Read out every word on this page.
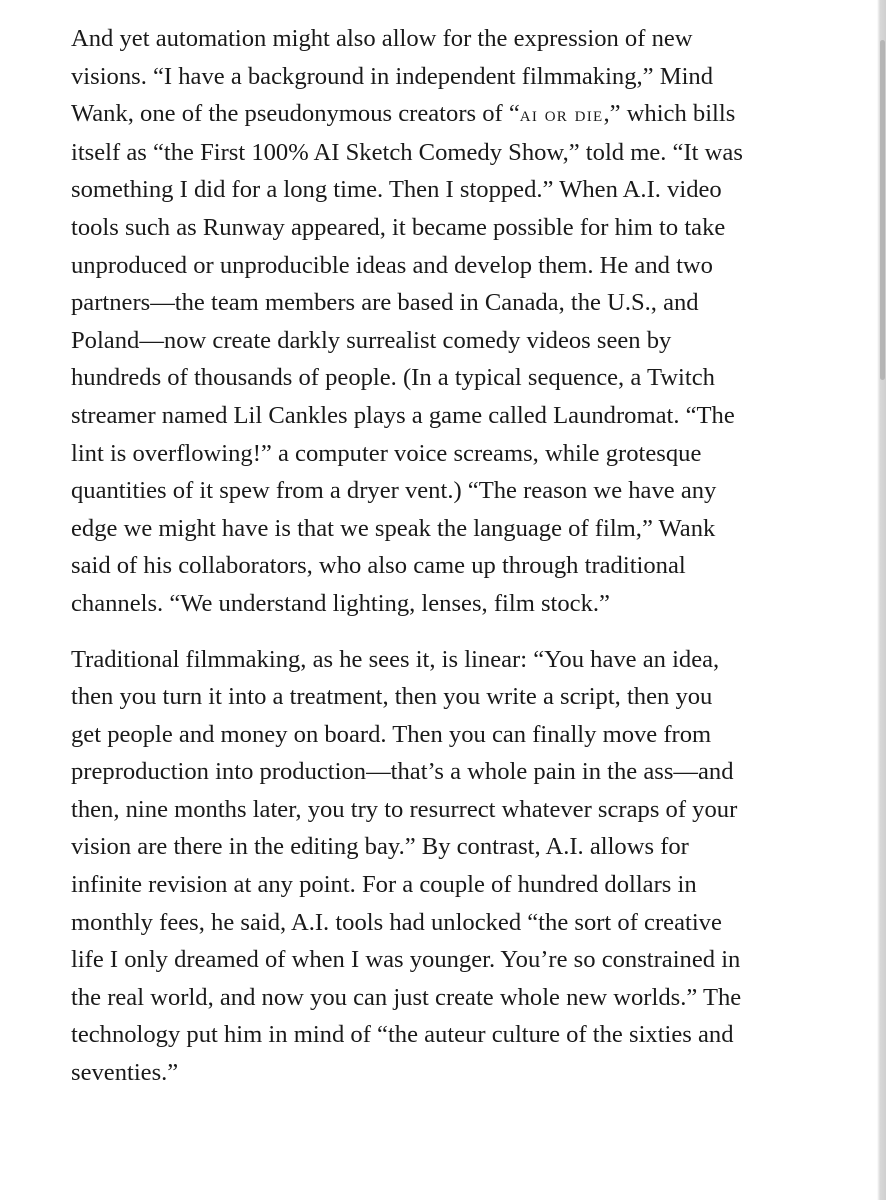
And yet automation might also allow for the expression of new
visions. “I have a background in independent filmmaking,” Mind
Wank, one of the pseudonymous creators of “ai or die,” which bills
itself as “the First 100% AI Sketch Comedy Show,” told me. “It was
something I did for a long time. Then I stopped.” When A.I. video
tools such as Runway appeared, it became possible for him to take
unproduced or unproducible ideas and develop them. He and two
partners—the team members are based in Canada, the U.S., and
Poland—now create darkly surrealist comedy videos seen by
hundreds of thousands of people. (In a typical sequence, a Twitch
streamer named Lil Cankles plays a game called Laundromat. “The
lint is overflowing!” a computer voice screams, while grotesque
quantities of it spew from a dryer vent.) “The reason we have any
edge we might have is that we speak the language of film,” Wank
said of his collaborators, who also came up through traditional
channels. “We understand lighting, lenses, film stock.”

Traditional filmmaking, as he sees it, is linear: “You have an idea,
then you turn it into a treatment, then you write a script, then you
get people and money on board. Then you can finally move from
preproduction into production—that’s a whole pain in the ass—and
then, nine months later, you try to resurrect whatever scraps of your
vision are there in the editing bay.” By contrast, A.I. allows for
infinite revision at any point. For a couple of hundred dollars in
monthly fees, he said, A.I. tools had unlocked “the sort of creative
life I only dreamed of when I was younger. You’re so constrained in
the real world, and now you can just create whole new worlds.” The
technology put him in mind of “the auteur culture of the sixties and
seventies.”
